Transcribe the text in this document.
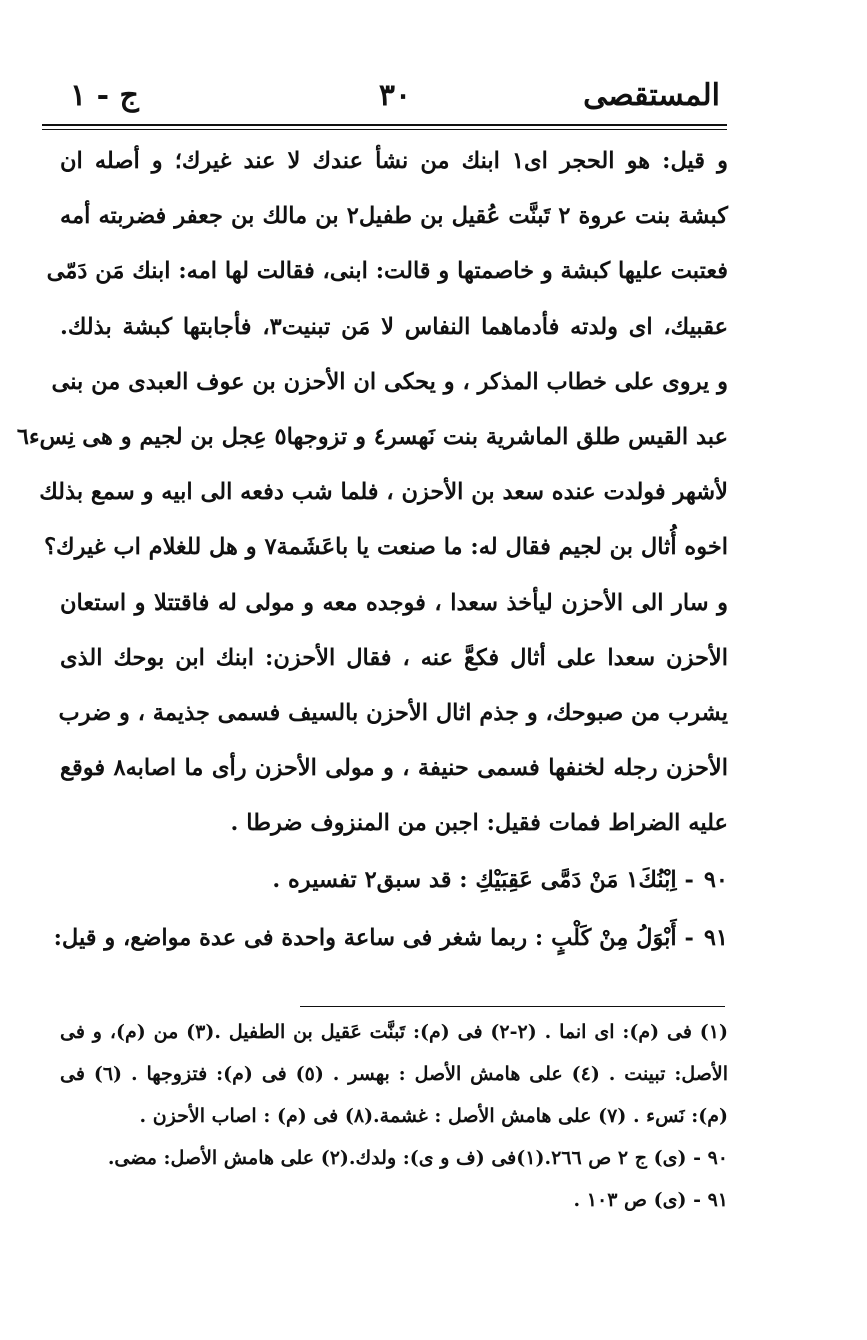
المستقصى
٣٠
ج - ١
و قيل: هو الحجر اى١ ابنك من نشأ عندك لا عند غيرك؛ و أصله ان
كبشة بنت عروة ٢ تَبنَّت عُقيل بن طفيل٢ بن مالك بن جعفر فضربته أمه
فعتبت عليها كبشة و خاصمتها و قالت: ابنى، فقالت لها امه: ابنك مَن دَمّى
عقبيك، اى ولدته فأدماهما النفاس لا مَن تبنيت٣، فأجابتها كبشة بذلك.
و يروى على خطاب المذكر ، و يحكى ان الأحزن بن عوف العبدى من بنى
عبد القيس طلق الماشرية بنت نَهسر٤ و تزوجها٥ عِجل بن لجيم و هى نِسء٦
لأشهر فولدت عنده سعد بن الأحزن ، فلما شب دفعه الى ابيه و سمع بذلك
اخوه أُثال بن لجيم فقال له: ما صنعت يا باعَشَمة٧ و هل للغلام اب غيرك؟
و سار الى الأحزن ليأخذ سعدا ، فوجده معه و مولى له فاقتتلا و استعان
الأحزن سعدا على أثال فكعَّ عنه ، فقال الأحزن: ابنك ابن بوحك الذى
يشرب من صبوحك، و جذم اثال الأحزن بالسيف فسمى جذيمة ، و ضرب
الأحزن رجله لخنفها فسمى حنيفة ، و مولى الأحزن رأى ما اصابه٨ فوقع
عليه الضراط فمات فقيل: اجبن من المنزوف ضرطا .
٩٠- اِبْنُكَ١ مَنْ دَمَّى عَقِبَيْكِ : قد سبق٢ تفسيره .
٩١- أَبْوَلُ مِنْ كَلْبٍ : ربما شغر فى ساعة واحدة فى عدة مواضع، و قيل:
(١) فى (م): اى انما . (٢-٢) فى (م): تَبنَّت عَقيل بن الطفيل .(٣) من (م)، و فى
الأصل: تبينت . (٤) على هامش الأصل : بهسر . (٥) فى (م): فتزوجها . (٦) فى
(م): نَسء . (٧) على هامش الأصل : غشمة.(٨) فى (م) : اصاب الأحزن .
٩٠ - (ى) ج ٢ ص ٢٦٦.(١)فى (ف و ى): ولدك.(٢) على هامش الأصل: مضى.
٩١ - (ى) ص ١٠٣ .
